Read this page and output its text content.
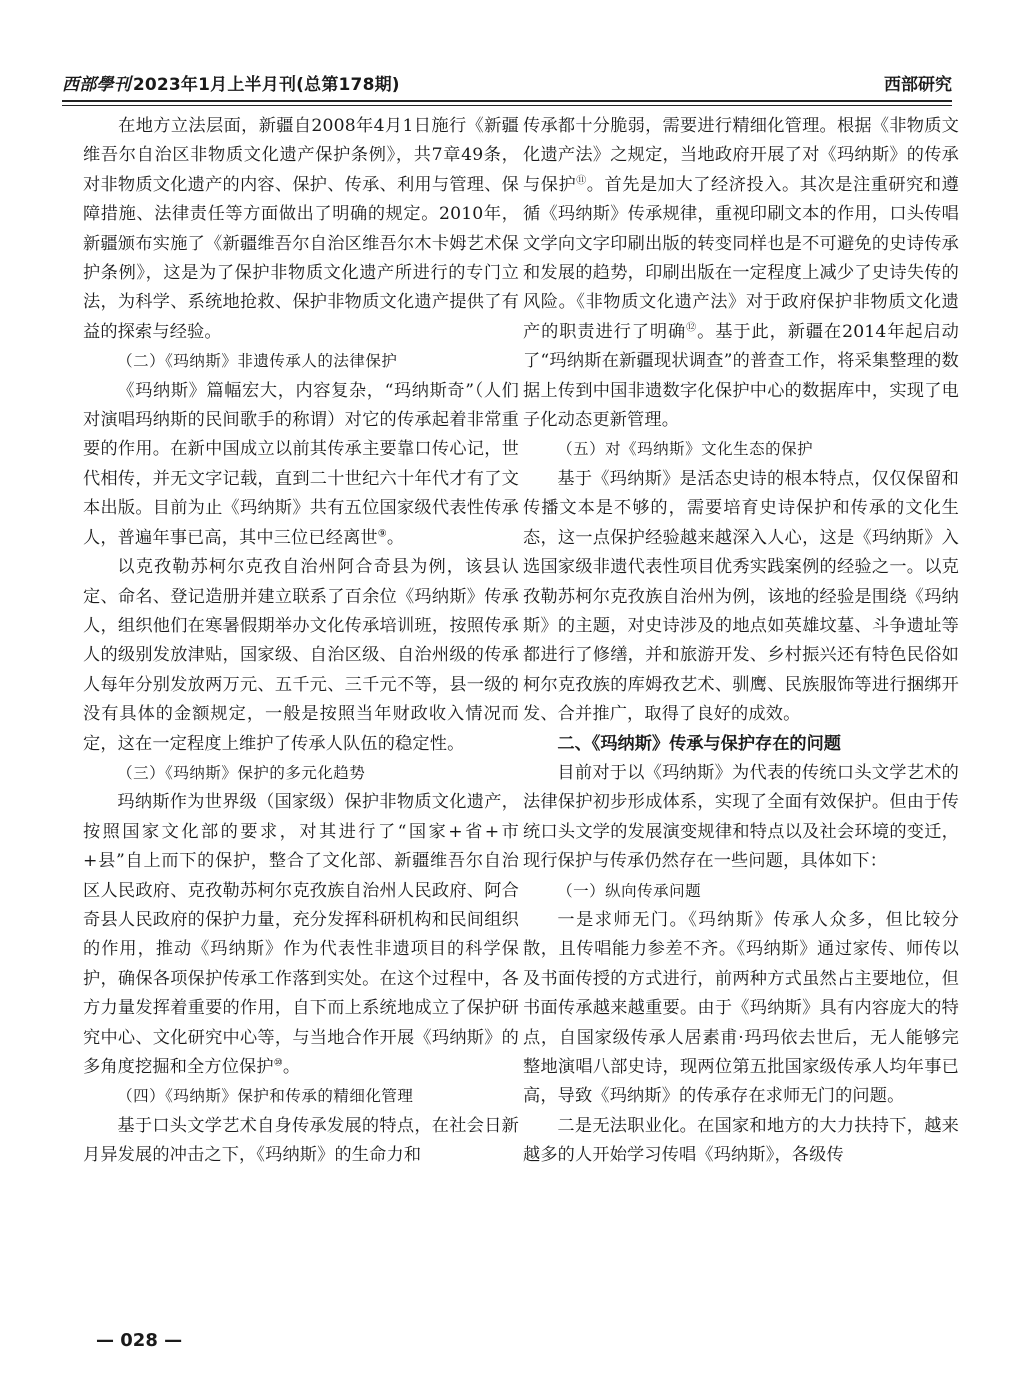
西部學刊 2023年1月上半月刊(总第178期)	西部研究

　　在地方立法层面，新疆自2008年4月1日施行《新疆维吾尔自治区非物质文化遗产保护条例》，共7章49条，对非物质文化遗产的内容、保护、传承、利用与管理、保障措施、法律责任等方面做出了明确的规定。2010年，新疆颁布实施了《新疆维吾尔自治区维吾尔木卡姆艺术保护条例》，这是为了保护非物质文化遗产所进行的专门立法，为科学、系统地抢救、保护非物质文化遗产提供了有益的探索与经验。

（二）《玛纳斯》非遗传承人的法律保护

《玛纳斯》篇幅宏大，内容复杂，“玛纳斯奇”（人们对演唱玛纳斯的民间歌手的称谓）对它的传承起着非常重要的作用。在新中国成立以前其传承主要靠口传心记，世代相传，并无文字记载，直到二十世纪六十年代才有了文本出版。目前为止《玛纳斯》共有五位国家级代表性传承人，普遍年事已高，其中三位已经离世⑨。

以克孜勒苏柯尔克孜自治州阿合奇县为例，该县认定、命名、登记造册并建立联系了百余位《玛纳斯》传承人，组织他们在寒暑假期举办文化传承培训班，按照传承人的级别发放津贴，国家级、自治区级、自治州级的传承人每年分别发放两万元、五千元、三千元不等，县一级的没有具体的金额规定，一般是按照当年财政收入情况而定，这在一定程度上维护了传承人队伍的稳定性。

（三）《玛纳斯》保护的多元化趋势

玛纳斯作为世界级（国家级）保护非物质文化遗产，按照国家文化部的要求，对其进行了“国家+省+市+县”自上而下的保护，整合了文化部、新疆维吾尔自治区人民政府、克孜勒苏柯尔克孜族自治州人民政府、阿合奇县人民政府的保护力量，充分发挥科研机构和民间组织的作用，推动《玛纳斯》作为代表性非遗项目的科学保护，确保各项保护传承工作落到实处。在这个过程中，各方力量发挥着重要的作用，自下而上系统地成立了保护研究中心、文化研究中心等，与当地合作开展《玛纳斯》的多角度挖掘和全方位保护⑩。

（四）《玛纳斯》保护和传承的精细化管理

基于口头文学艺术自身传承发展的特点，在社会日新月异发展的冲击之下，《玛纳斯》的生命力和

传承都十分脆弱，需要进行精细化管理。根据《非物质文化遗产法》之规定，当地政府开展了对《玛纳斯》的传承与保护⑪。首先是加大了经济投入。其次是注重研究和遵循《玛纳斯》传承规律，重视印刷文本的作用，口头传唱文学向文字印刷出版的转变同样也是不可避免的史诗传承和发展的趋势，印刷出版在一定程度上减少了史诗失传的风险。《非物质文化遗产法》对于政府保护非物质文化遗产的职责进行了明确⑫。基于此，新疆在2014年起启动了“玛纳斯在新疆现状调查”的普查工作，将采集整理的数据上传到中国非遗数字化保护中心的数据库中，实现了电子化动态更新管理。

（五）对《玛纳斯》文化生态的保护

基于《玛纳斯》是活态史诗的根本特点，仅仅保留和传播文本是不够的，需要培育史诗保护和传承的文化生态，这一点保护经验越来越深入人心，这是《玛纳斯》入选国家级非遗代表性项目优秀实践案例的经验之一。以克孜勒苏柯尔克孜族自治州为例，该地的经验是围绕《玛纳斯》的主题，对史诗涉及的地点如英雄坟墓、斗争遗址等都进行了修缮，并和旅游开发、乡村振兴还有特色民俗如柯尔克孜族的库姆孜艺术、驯鹰、民族服饰等进行捆绑开发、合并推广，取得了良好的成效。

二、《玛纳斯》传承与保护存在的问题

目前对于以《玛纳斯》为代表的传统口头文学艺术的法律保护初步形成体系，实现了全面有效保护。但由于传统口头文学的发展演变规律和特点以及社会环境的变迁，现行保护与传承仍然存在一些问题，具体如下：

（一）纵向传承问题

一是求师无门。《玛纳斯》传承人众多，但比较分散，且传唱能力参差不齐。《玛纳斯》通过家传、师传以及书面传授的方式进行，前两种方式虽然占主要地位，但书面传承越来越重要。由于《玛纳斯》具有内容庞大的特点，自国家级传承人居素甫·玛玛依去世后，无人能够完整地演唱八部史诗，现两位第五批国家级传承人均年事已高，导致《玛纳斯》的传承存在求师无门的问题。

二是无法职业化。在国家和地方的大力扶持下，越来越多的人开始学习传唱《玛纳斯》，各级传

— 028 —
